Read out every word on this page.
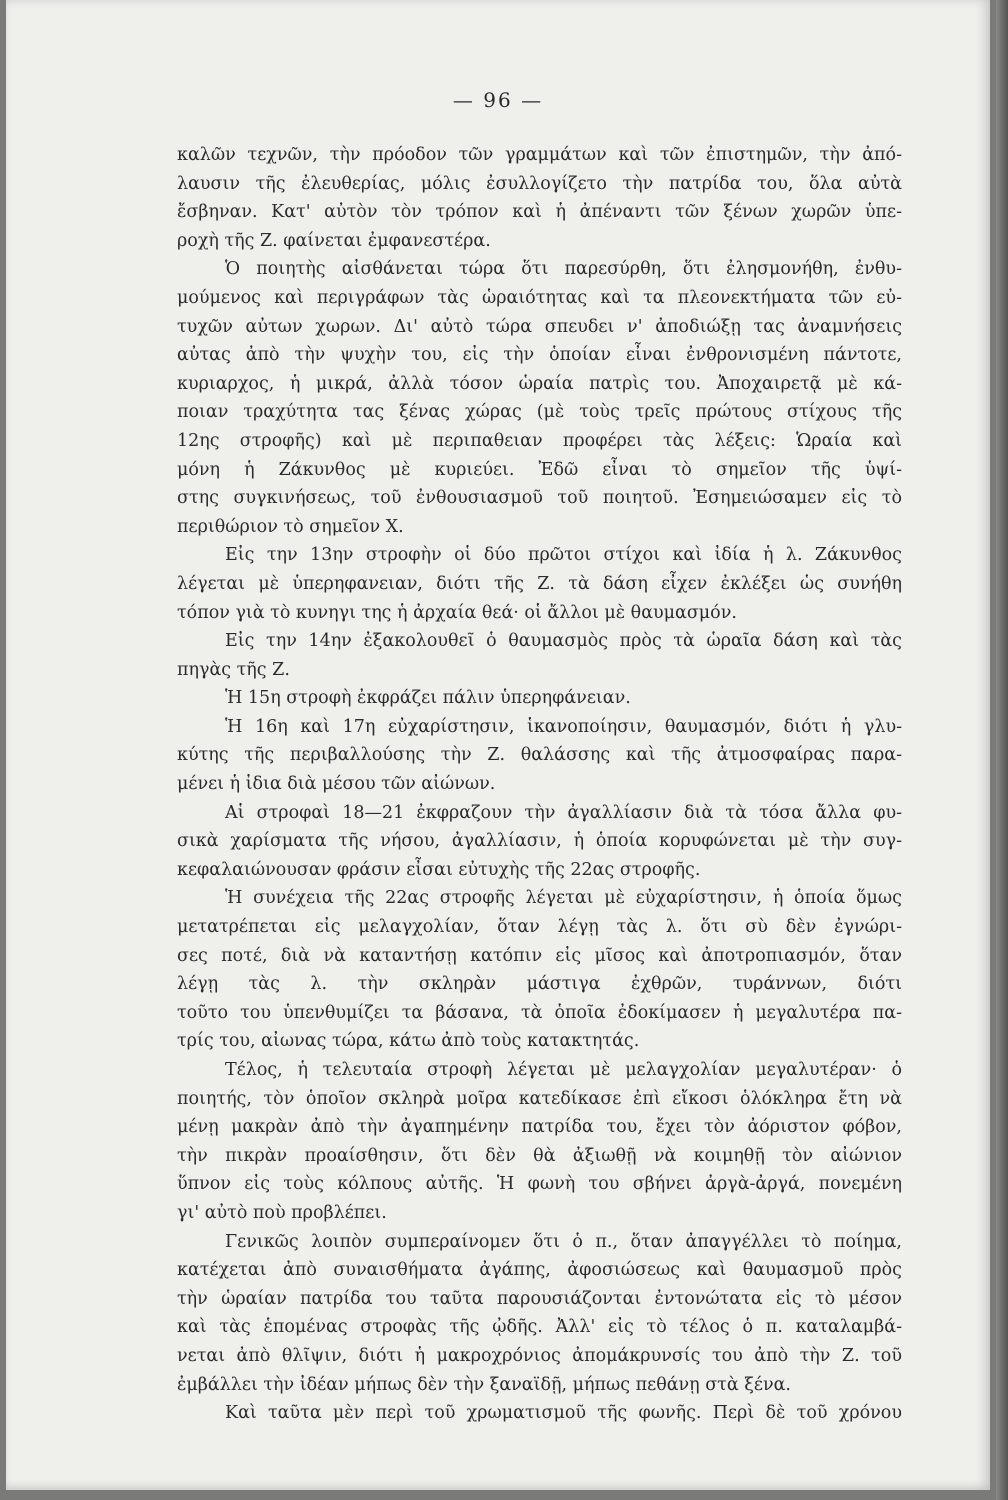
— 96 —
καλῶν τεχνῶν, τὴν πρόοδον τῶν γραμμάτων καὶ τῶν ἐπιστημῶν, τὴν ἀπό-
λαυσιν τῆς ἐλευθερίας, μόλις ἐσυλλογίζετο τὴν πατρίδα του, ὅλα αὐτὰ
ἔσβηναν. Κατ' αὐτὸν τὸν τρόπον καὶ ἡ ἀπέναντι τῶν ξένων χωρῶν ὑπε-
ροχὴ τῆς Ζ. φαίνεται ἐμφανεστέρα.
Ὁ ποιητὴς αἰσθάνεται τώρα ὅτι παρεσύρθη, ὅτι ἐλησμονήθη, ἐνθυ-
μούμενος καὶ περιγράφων τὰς ὡραιότητας καὶ τα πλεονεκτήματα τῶν εὐ-
τυχῶν αὐτων χωρων. Δι' αὐτὸ τώρα σπευδει ν' ἀποδιώξῃ τας ἀναμνήσεις
αὐτας ἀπὸ τὴν ψυχὴν του, εἰς τὴν ὁποίαν εἶναι ἐνθρονισμένη πάντοτε,
κυριαρχος, ἡ μικρά, ἀλλὰ τόσον ὡραία πατρὶς του. Ἀποχαιρετᾷ μὲ κά-
ποιαν τραχύτητα τας ξένας χώρας (μὲ τοὺς τρεῖς πρώτους στίχους τῆς
12ης στροφῆς) καὶ μὲ περιπαθειαν προφέρει τὰς λέξεις: Ὡραία καὶ
μόνη ἡ Ζάκυνθος μὲ κυριεύει. Ἐδῶ εἶναι τὸ σημεῖον τῆς ὑψί-
στης συγκινήσεως, τοῦ ἐνθουσιασμοῦ τοῦ ποιητοῦ. Ἐσημειώσαμεν εἰς τὸ
περιθώριον τὸ σημεῖον Χ.
Εἰς την 13ην στροφὴν οἱ δύο πρῶτοι στίχοι καὶ ἰδία ἡ λ. Ζάκυνθος
λέγεται μὲ ὑπερηφανειαν, διότι τῆς Ζ. τὰ δάση εἶχεν ἐκλέξει ὡς συνήθη
τόπον γιὰ τὸ κυνηγι της ἡ ἀρχαία θεά· οἱ ἄλλοι μὲ θαυμασμόν.
Εἰς την 14ην ἐξακολουθεῖ ὁ θαυμασμὸς πρὸς τὰ ὡραῖα δάση καὶ τὰς
πηγὰς τῆς Ζ.
Ἡ 15η στροφὴ ἐκφράζει πάλιν ὑπερηφάνειαν.
Ἡ 16η καὶ 17η εὐχαρίστησιν, ἱκανοποίησιν, θαυμασμόν, διότι ἡ γλυ-
κύτης τῆς περιβαλλούσης τὴν Ζ. θαλάσσης καὶ τῆς ἀτμοσφαίρας παρα-
μένει ἡ ἰδια διὰ μέσου τῶν αἰώνων.
Αἱ στροφαὶ 18—21 ἐκφραζουν τὴν ἀγαλλίασιν διὰ τὰ τόσα ἄλλα φυ-
σικὰ χαρίσματα τῆς νήσου, ἀγαλλίασιν, ἡ ὁποία κορυφώνεται μὲ τὴν συγ-
κεφαλαιώνουσαν φράσιν εἶσαι εὐτυχὴς τῆς 22ας στροφῆς.
Ἡ συνέχεια τῆς 22ας στροφῆς λέγεται μὲ εὐχαρίστησιν, ἡ ὁποία ὅμως
μετατρέπεται εἰς μελαγχολίαν, ὅταν λέγῃ τὰς λ. ὅτι σὺ δὲν ἐγνώρι-
σες ποτέ, διὰ νὰ καταντήσῃ κατόπιν εἰς μῖσος καὶ ἀποτροπιασμόν, ὅταν
λέγῃ τὰς λ. τὴν σκληρὰν μάστιγα ἐχθρῶν, τυράννων, διότι
τοῦτο του ὑπενθυμίζει τα βάσανα, τὰ ὁποῖα ἐδοκίμασεν ἡ μεγαλυτέρα πα-
τρίς του, αἰωνας τώρα, κάτω ἀπὸ τοὺς κατακτητάς.
Τέλος, ἡ τελευταία στροφὴ λέγεται μὲ μελαγχολίαν μεγαλυτέραν· ὁ
ποιητής, τὸν ὁποῖον σκληρὰ μοῖρα κατεδίκασε ἐπὶ εἴκοσι ὁλόκληρα ἔτη νὰ
μένῃ μακρὰν ἀπὸ τὴν ἀγαπημένην πατρίδα του, ἔχει τὸν ἀόριστον φόβον,
τὴν πικρὰν προαίσθησιν, ὅτι δὲν θὰ ἀξιωθῇ νὰ κοιμηθῇ τὸν αἰώνιον
ὕπνον εἰς τοὺς κόλπους αὐτῆς. Ἡ φωνὴ του σβήνει ἀργὰ-ἀργά, πονεμένη
γι' αὐτὸ ποὺ προβλέπει.
Γενικῶς λοιπὸν συμπεραίνομεν ὅτι ὁ π., ὅταν ἀπαγγέλλει τὸ ποίημα,
κατέχεται ἀπὸ συναισθήματα ἀγάπης, ἀφοσιώσεως καὶ θαυμασμοῦ πρὸς
τὴν ὡραίαν πατρίδα του ταῦτα παρουσιάζονται ἐντονώτατα εἰς τὸ μέσον
καὶ τὰς ἑπομένας στροφὰς τῆς ᾠδῆς. Ἀλλ' εἰς τὸ τέλος ὁ π. καταλαμβά-
νεται ἀπὸ θλῖψιν, διότι ἡ μακροχρόνιος ἀπομάκρυνσίς του ἀπὸ τὴν Ζ. τοῦ
ἐμβάλλει τὴν ἰδέαν μήπως δὲν τὴν ξαναϊδῇ, μήπως πεθάνῃ στὰ ξένα.
Καὶ ταῦτα μὲν περὶ τοῦ χρωματισμοῦ τῆς φωνῆς. Περὶ δὲ τοῦ χρόνου
